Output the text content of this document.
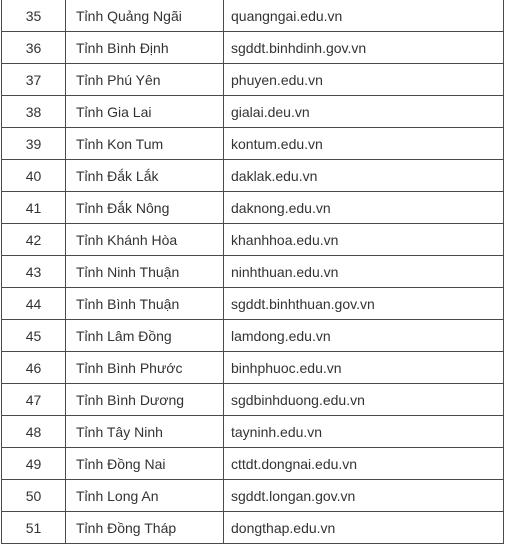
35	Tỉnh Quảng Ngãi	quangngai.edu.vn
36	Tỉnh Bình Định	sgddt.binhdinh.gov.vn
37	Tỉnh Phú Yên	phuyen.edu.vn
38	Tỉnh Gia Lai	gialai.deu.vn
39	Tỉnh Kon Tum	kontum.edu.vn
40	Tỉnh Đắk Lắk	daklak.edu.vn
41	Tỉnh Đắk Nông	daknong.edu.vn
42	Tỉnh Khánh Hòa	khanhhoa.edu.vn
43	Tỉnh Ninh Thuận	ninhthuan.edu.vn
44	Tỉnh Bình Thuận	sgddt.binhthuan.gov.vn
45	Tỉnh Lâm Đồng	lamdong.edu.vn
46	Tỉnh Bình Phước	binhphuoc.edu.vn
47	Tỉnh Bình Dương	sgdbinhduong.edu.vn
48	Tỉnh Tây Ninh	tayninh.edu.vn
49	Tỉnh Đồng Nai	cttdt.dongnai.edu.vn
50	Tỉnh Long An	sgddt.longan.gov.vn
51	Tỉnh Đồng Tháp	dongthap.edu.vn
